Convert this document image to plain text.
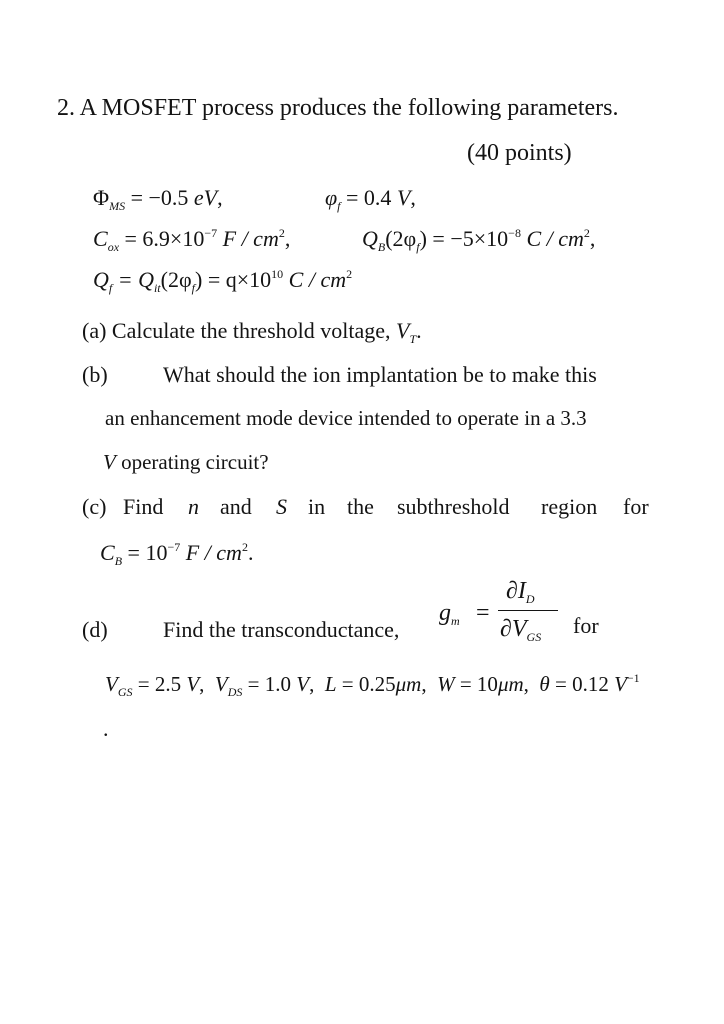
2. A MOSFET process produces the following parameters.
(40 points)
$\Phi_{MS} = -0.5$ eV,	$\varphi_f = 0.4$ V,
$C_{ox} = 6.9\times 10^{-7}$ F / $cm^2$,	$Q_B(2\varphi_f) = -5\times 10^{-8}$ C / $cm^2$,
$Q_f = Q_{it}(2\varphi_f) = q\times 10^{10}$ C / $cm^2$
(a) Calculate the threshold voltage, $V_T$.
(b)	What should the ion implantation be to make this
an enhancement mode device intended to operate in a 3.3
V operating circuit?
(c) Find n and S in the subthreshold region for
$C_B = 10^{-7}$ F / $cm^2$.
(d)	Find the transconductance,
$g_m$ =
$\partial I_D$
$\partial V_{GS}$ for
$V_{GS} = 2.5$ V,  $V_{DS} = 1.0$ V,  L = 0.25μm,  W = 10μm,  θ = 0.12 $V^{-1}$
.
